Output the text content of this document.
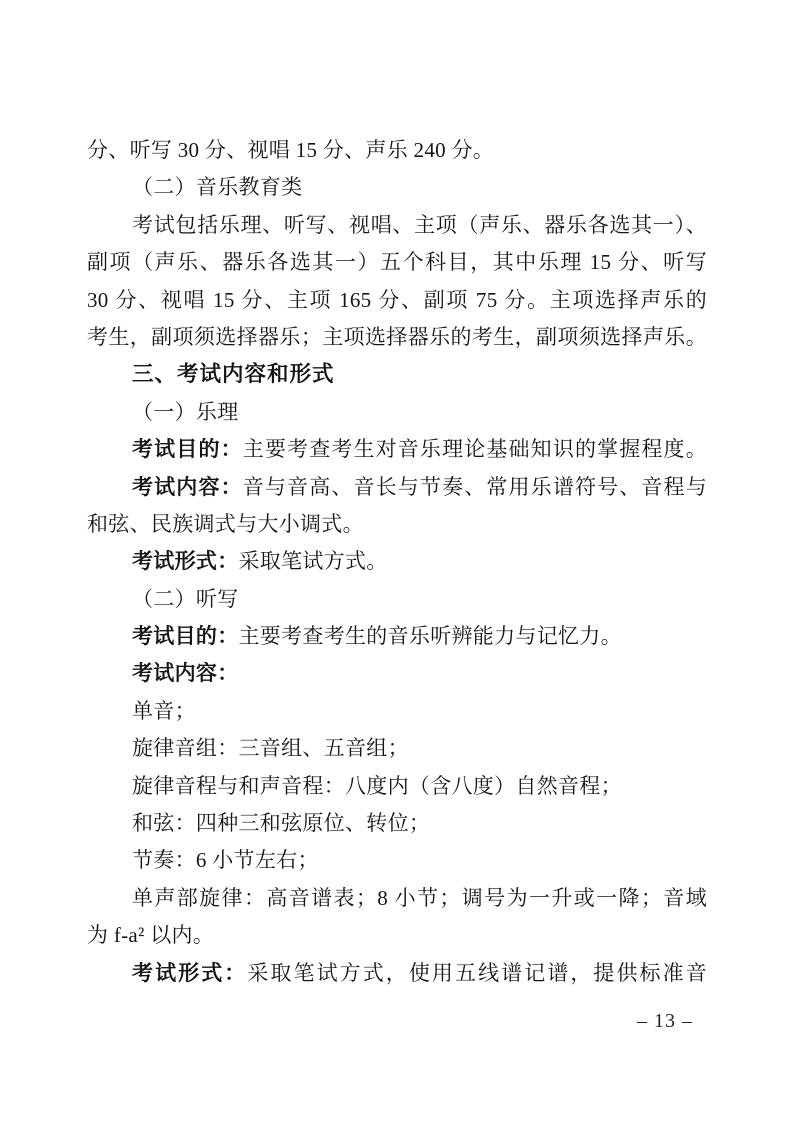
分、听写 30 分、视唱 15 分、声乐 240 分。
（二）音乐教育类
考试包括乐理、听写、视唱、主项（声乐、器乐各选其一）、
副项（声乐、器乐各选其一）五个科目，其中乐理 15 分、听写
30 分、视唱 15 分、主项 165 分、副项 75 分。主项选择声乐的
考生，副项须选择器乐；主项选择器乐的考生，副项须选择声乐。
三、考试内容和形式
（一）乐理
考试目的：主要考查考生对音乐理论基础知识的掌握程度。
考试内容：音与音高、音长与节奏、常用乐谱符号、音程与
和弦、民族调式与大小调式。
考试形式：采取笔试方式。
（二）听写
考试目的：主要考查考生的音乐听辨能力与记忆力。
考试内容：
单音；
旋律音组：三音组、五音组；
旋律音程与和声音程：八度内（含八度）自然音程；
和弦：四种三和弦原位、转位；
节奏：6 小节左右；
单声部旋律：高音谱表；8 小节；调号为一升或一降；音域
为 f-a² 以内。
考试形式：采取笔试方式，使用五线谱记谱，提供标准音
– 13 –
